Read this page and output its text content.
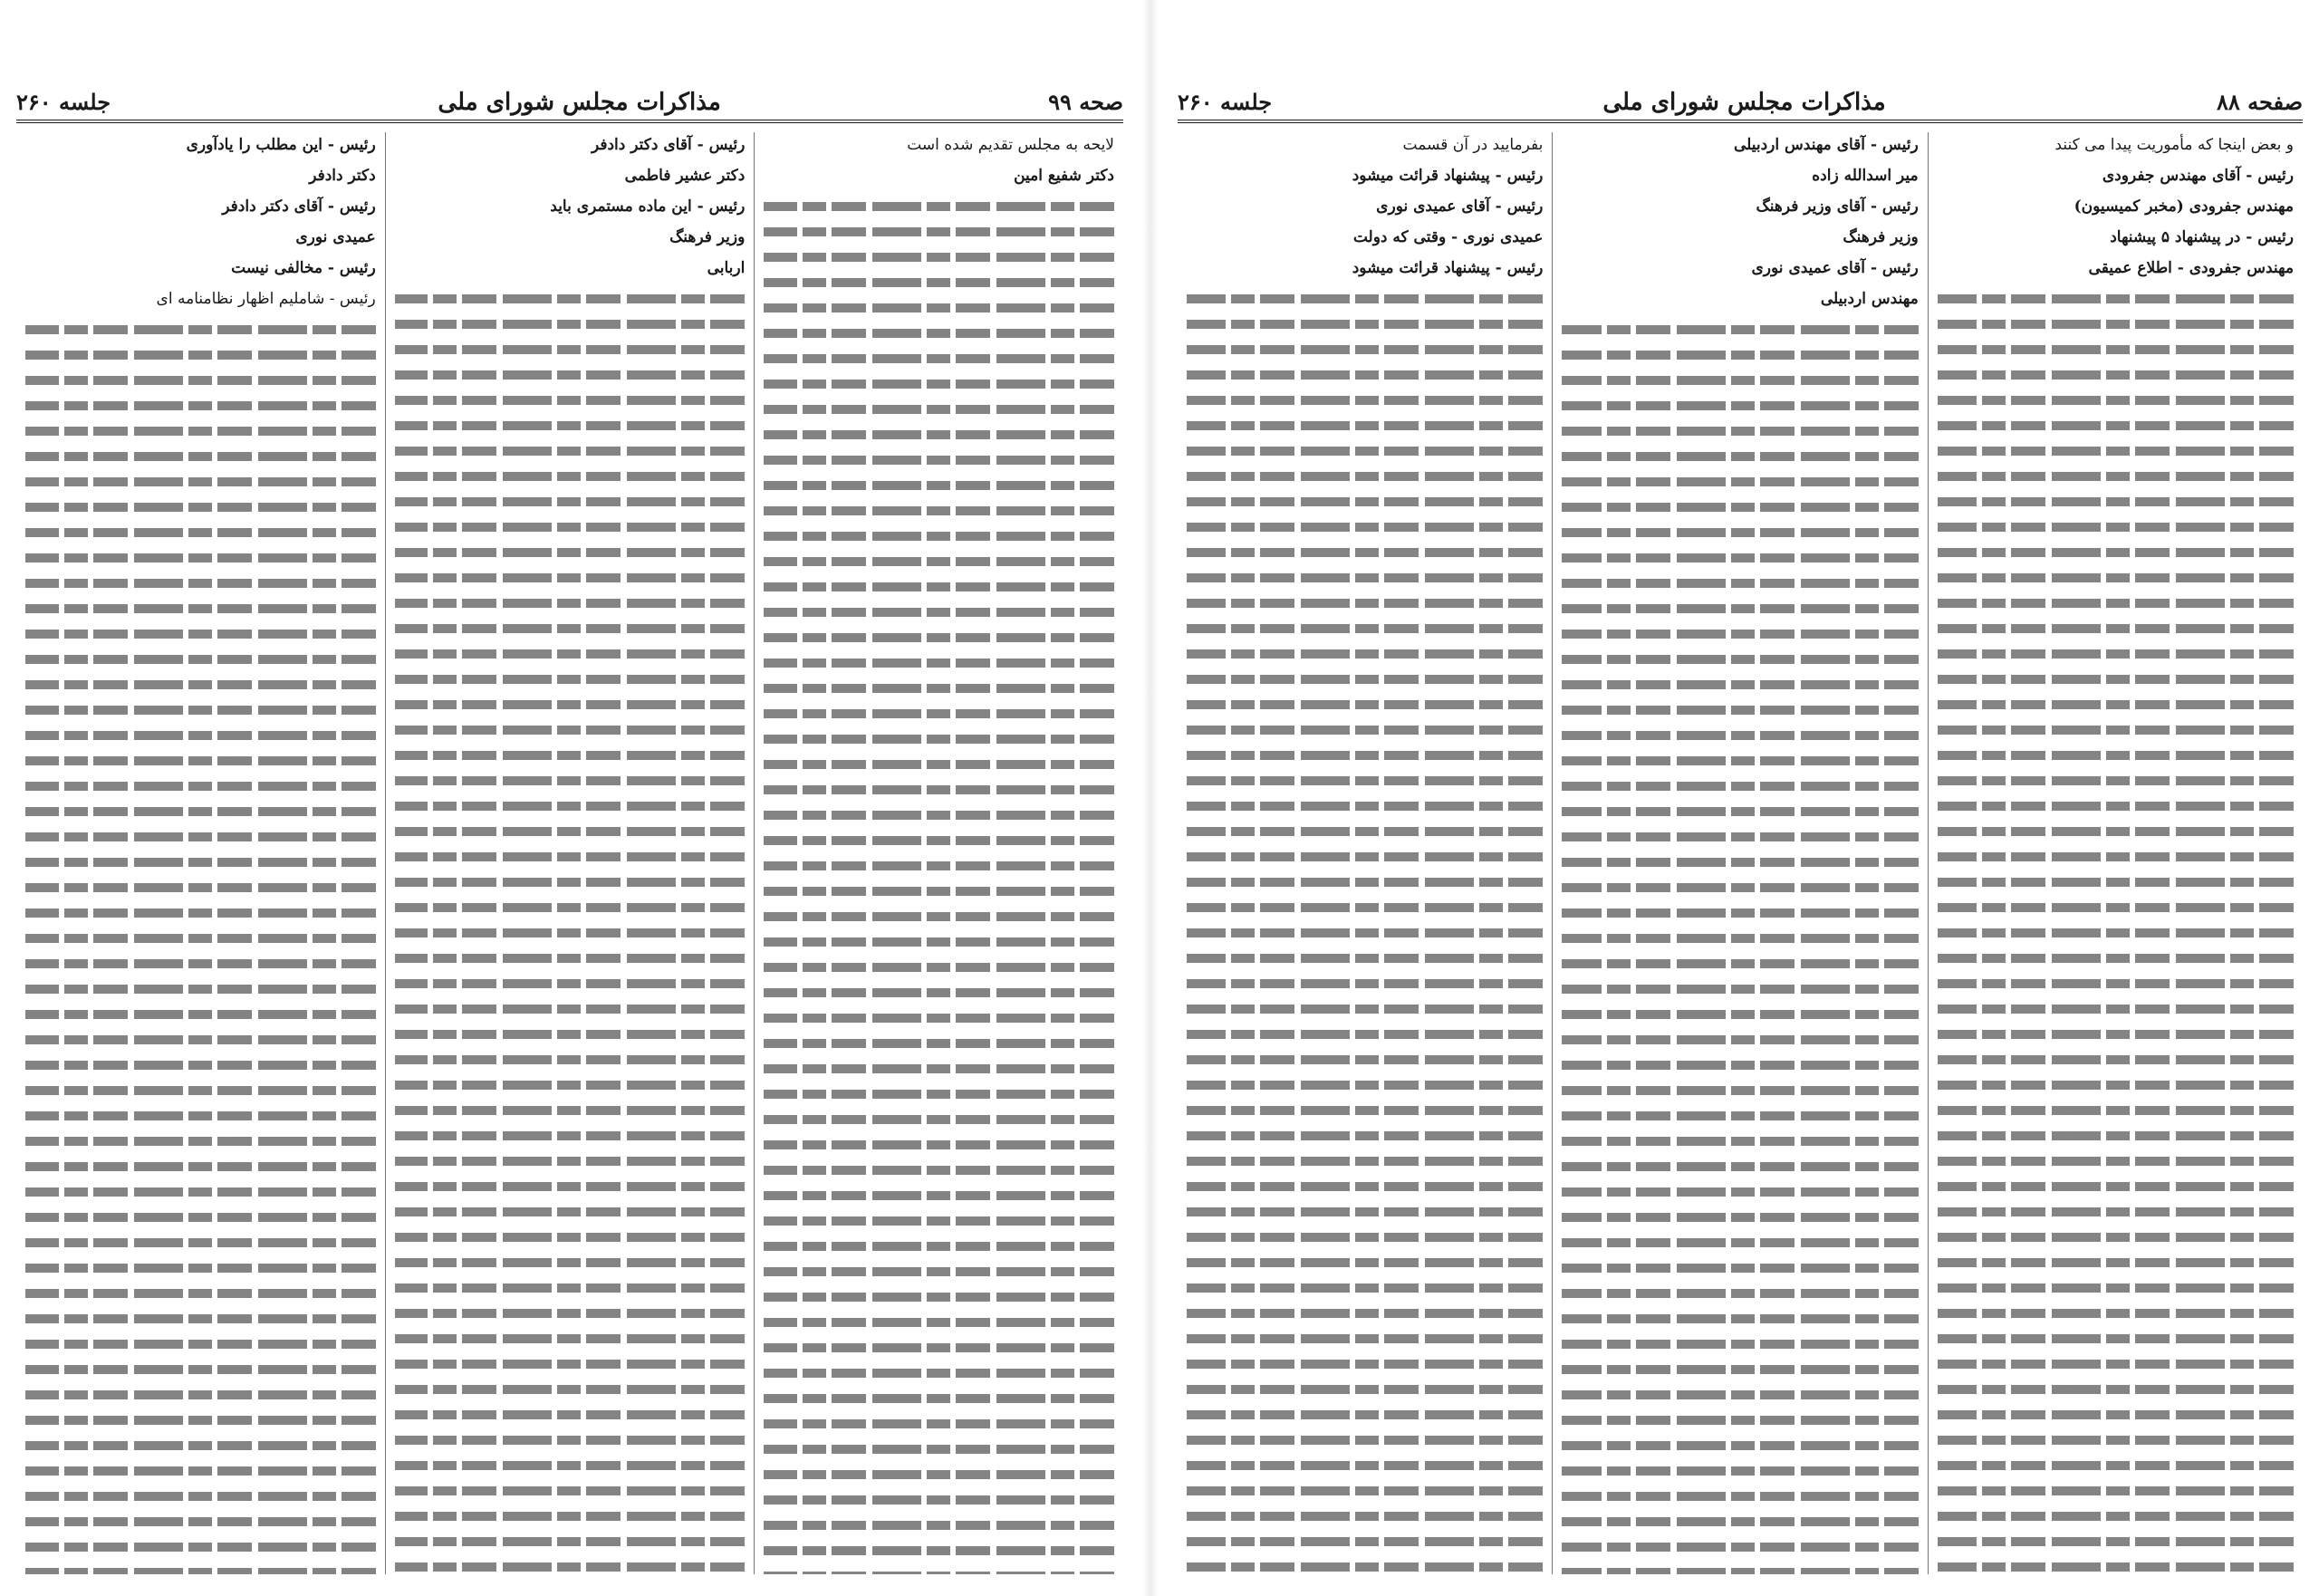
صحه ۹۹
مذاکرات مجلس شورای ملی
جلسه ۲۶۰

لایحه به مجلس تقدیم شده است

دکتر شفیع امین

رئیس - آقای دکتر دادفر

دکتر عشیر فاطمی

رئیس - این ماده مستمری باید

وزیر فرهنگ

اربابی

رئیس - این مطلب را یادآوری

دکتر دادفر

رئیس - آقای دکتر دادفر

عمیدی نوری

رئیس - مخالفی نیست

رئیس - شاملیم اظهار نظامنامه ای

صفحه ۸۸
مذاکرات مجلس شورای ملی
جلسه ۲۶۰

و بعض اینجا که مأموریت پیدا می کنند

رئیس - آقای مهندس جفرودی

مهندس جفرودی (مخبر کمیسیون)

رئیس - در پیشنهاد ۵ پیشنهاد

مهندس جفرودی - اطلاع عمیقی

رئیس - آقای مهندس اردبیلی

میر اسدالله زاده

رئیس - آقای وزیر فرهنگ

وزیر فرهنگ

رئیس - آقای عمیدی نوری

مهندس اردبیلی

بفرمایید در آن قسمت

رئیس - پیشنهاد قرائت میشود

رئیس - آقای عمیدی نوری

عمیدی نوری - وقتی که دولت

رئیس - پیشنهاد قرائت میشود
